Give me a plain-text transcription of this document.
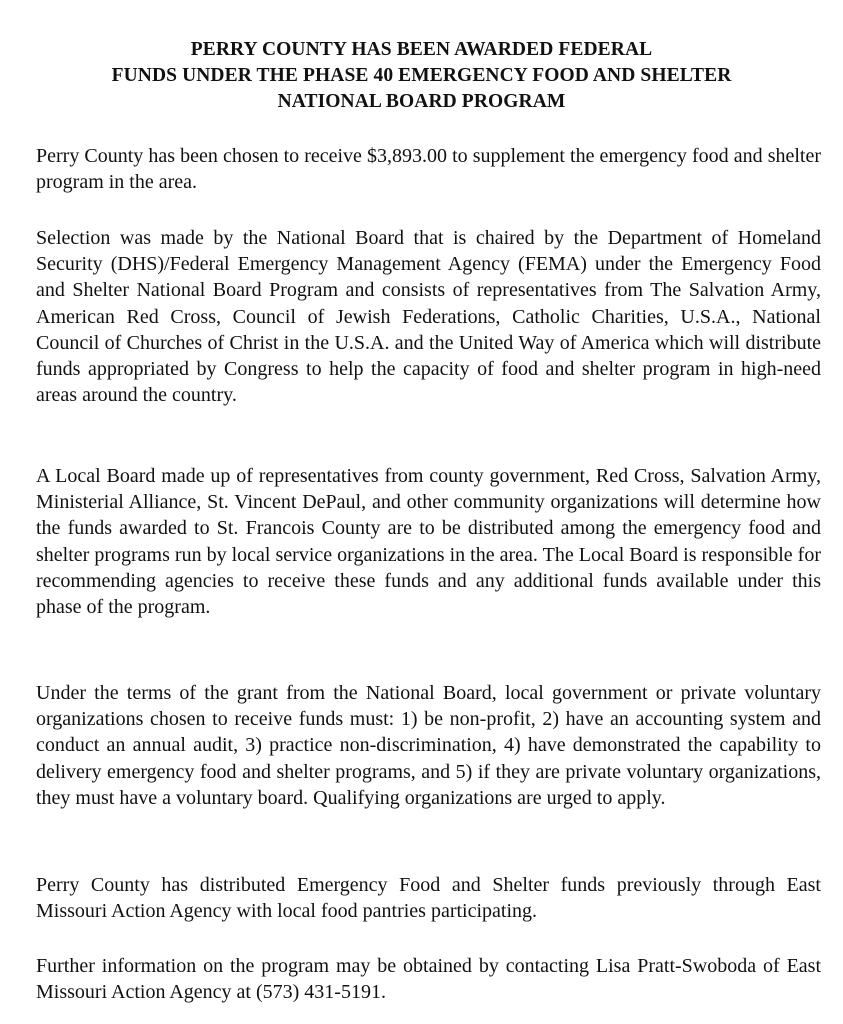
PERRY COUNTY HAS BEEN AWARDED FEDERAL
FUNDS UNDER THE PHASE 40 EMERGENCY FOOD AND SHELTER
NATIONAL BOARD PROGRAM

Perry County has been chosen to receive $3,893.00 to supplement the emergency food and shelter program in the area.

Selection was made by the National Board that is chaired by the Department of Homeland Security (DHS)/Federal Emergency Management Agency (FEMA) under the Emergency Food and Shelter National Board Program and consists of representatives from The Salvation Army, American Red Cross, Council of Jewish Federations, Catholic Charities, U.S.A., National Council of Churches of Christ in the U.S.A. and the United Way of America which will distribute funds appropriated by Congress to help the capacity of food and shelter program in high-need areas around the country.

A Local Board made up of representatives from county government, Red Cross, Salvation Army, Ministerial Alliance, St. Vincent DePaul, and other community organizations will determine how the funds awarded to St. Francois County are to be distributed among the emergency food and shelter programs run by local service organizations in the area. The Local Board is responsible for recommending agencies to receive these funds and any additional funds available under this phase of the program.

Under the terms of the grant from the National Board, local government or private voluntary organizations chosen to receive funds must: 1) be non-profit, 2) have an accounting system and conduct an annual audit, 3) practice non-discrimination, 4) have demonstrated the capability to delivery emergency food and shelter programs, and 5) if they are private voluntary organizations, they must have a voluntary board. Qualifying organizations are urged to apply.

Perry County has distributed Emergency Food and Shelter funds previously through East Missouri Action Agency with local food pantries participating.

Further information on the program may be obtained by contacting Lisa Pratt-Swoboda of East Missouri Action Agency at (573) 431-5191.
